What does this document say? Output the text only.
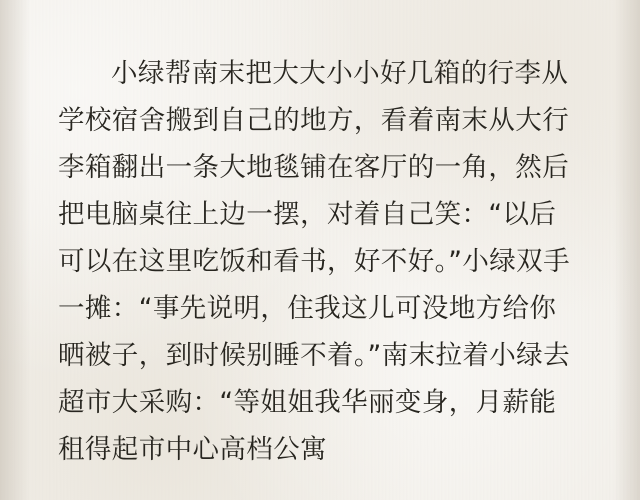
小绿帮南末把大大小小好几箱的行李从学校宿舍搬到自己的地方，看着南末从大行李箱翻出一条大地毯铺在客厅的一角，然后把电脑桌往上边一摆，对着自己笑：“以后可以在这里吃饭和看书，好不好。”小绿双手一摊：“事先说明，住我这儿可没地方给你晒被子，到时候别睡不着。”南末拉着小绿去超市大采购：“等姐姐我华丽变身，月薪能租得起市中心高档公寓
